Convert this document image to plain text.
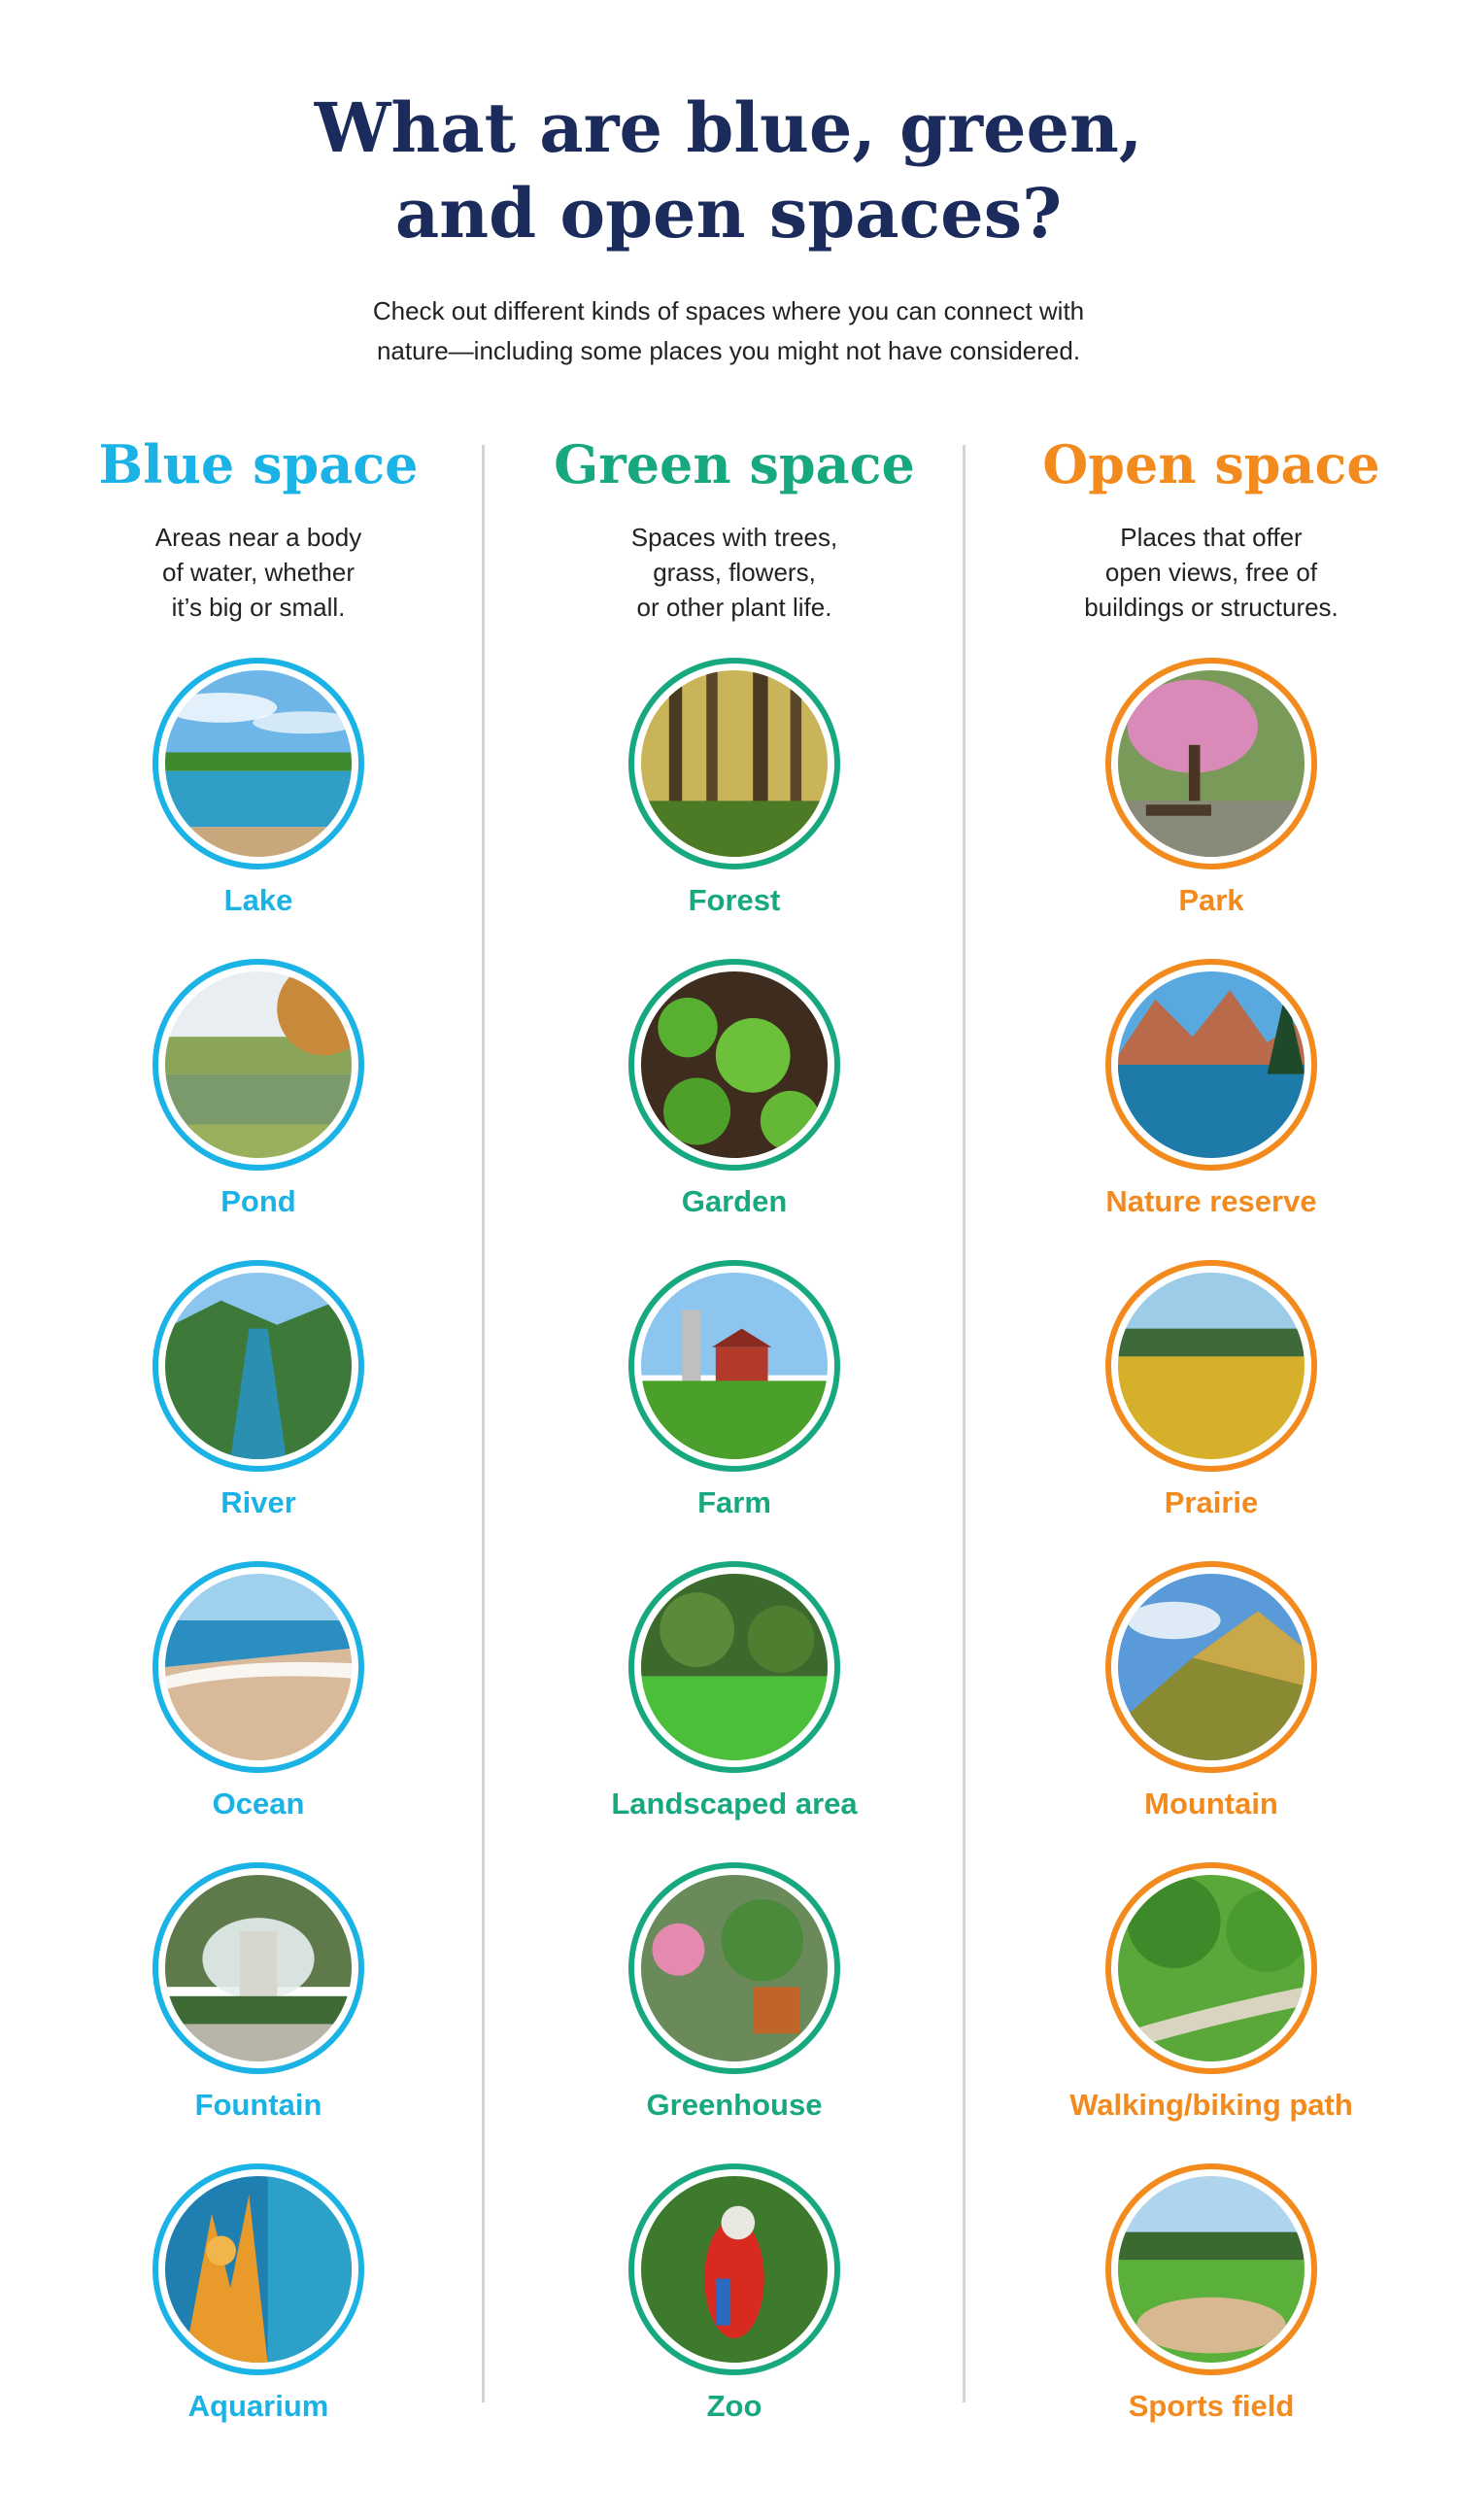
What are blue, green,
and open spaces?

Check out different kinds of spaces where you can connect with
nature—including some places you might not have considered.

Blue space

Areas near a body
of water, whether
it’s big or small.

Lake
Pond
River
Ocean
Fountain
Aquarium
Green space

Spaces with trees,
grass, flowers,
or other plant life.

Forest
Garden
Farm
Landscaped area
Greenhouse
Zoo
Open space

Places that offer
open views, free of
buildings or structures.

Park
Nature reserve
Prairie
Mountain
Walking/biking path
Sports field
